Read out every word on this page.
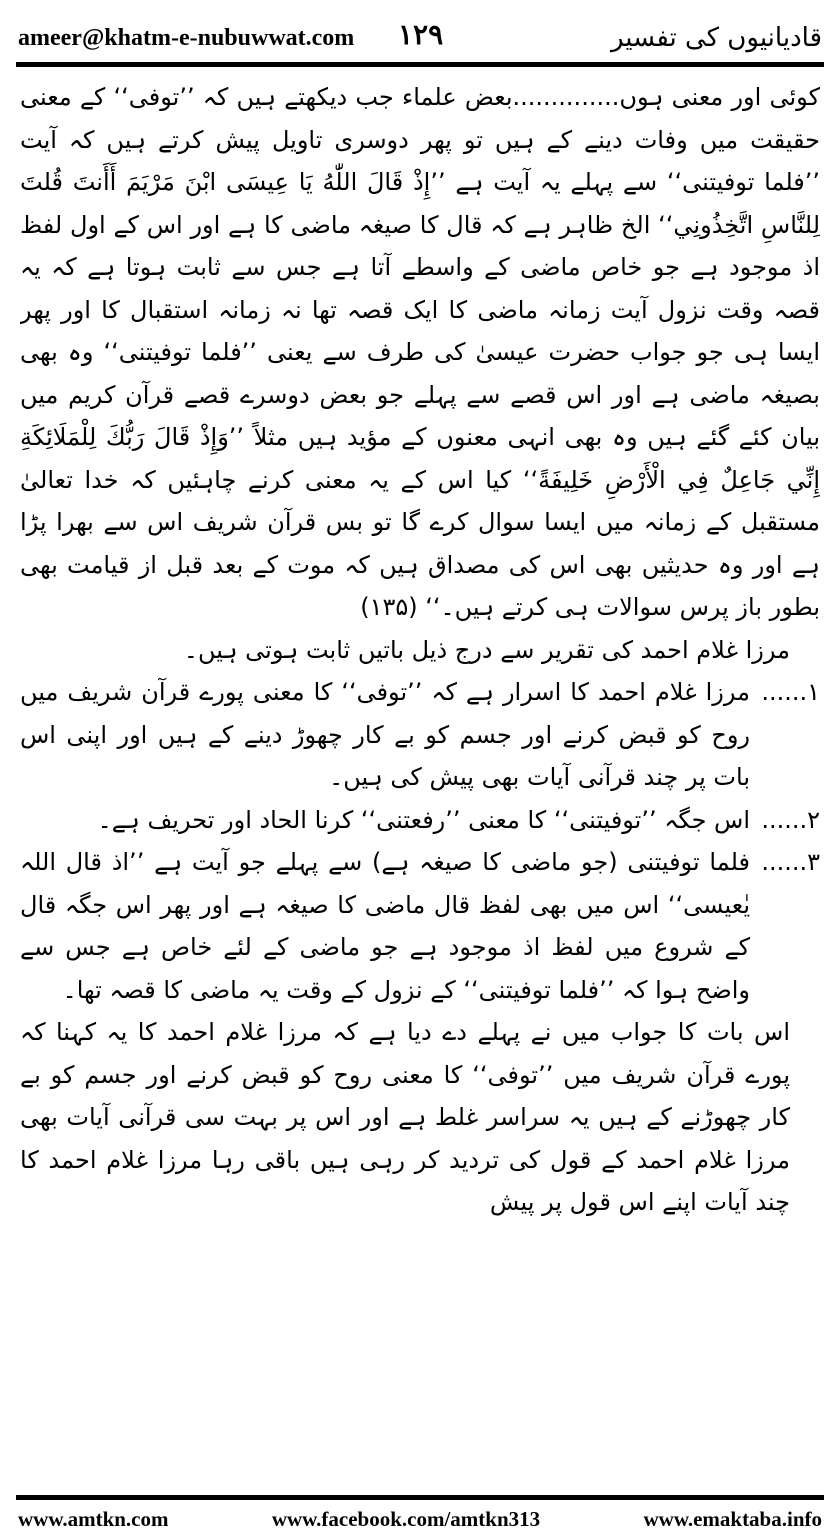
ameer@khatm-e-nubuwwat.com ۱۲۹	قادیانیوں کی تفسیر

کوئی اور معنی ہوں..............بعض علماء جب دیکھتے ہیں کہ ’’توفی‘‘ کے معنی حقیقت میں وفات دینے کے ہیں تو پھر دوسری تاویل پیش کرتے ہیں کہ آیت ’’فلما توفیتنی‘‘ سے پہلے یہ آیت ہے ’’إِذْ قَالَ اللّٰهُ يَا عِيسَى ابْنَ مَرْيَمَ أَأَنتَ قُلتَ لِلنَّاسِ اتَّخِذُونِي‘‘ الخ ظاہر ہے کہ قال کا صیغہ ماضی کا ہے اور اس کے اول لفظ اذ موجود ہے جو خاص ماضی کے واسطے آتا ہے جس سے ثابت ہوتا ہے کہ یہ قصہ وقت نزول آیت زمانہ ماضی کا ایک قصہ تھا نہ زمانہ استقبال کا اور پھر ایسا ہی جو جواب حضرت عیسیٰ کی طرف سے یعنی ’’فلما توفیتنی‘‘ وہ بھی بصیغہ ماضی ہے اور اس قصے سے پہلے جو بعض دوسرے قصے قرآن کریم میں بیان کئے گئے ہیں وہ بھی انہی معنوں کے مؤید ہیں مثلاً ’’وَإِذْ قَالَ رَبُّكَ لِلْمَلَائِكَةِ إِنِّي جَاعِلٌ فِي الْأَرْضِ خَلِيفَةً‘‘ کیا اس کے یہ معنی کرنے چاہئیں کہ خدا تعالیٰ مستقبل کے زمانہ میں ایسا سوال کرے گا تو بس قرآن شریف اس سے بھرا پڑا ہے اور وہ حدیثیں بھی اس کی مصداق ہیں کہ موت کے بعد قبل از قیامت بھی بطور باز پرس سوالات ہی کرتے ہیں۔‘‘ (۱۳۵)

مرزا غلام احمد کی تقریر سے درج ذیل باتیں ثابت ہوتی ہیں۔

۱......
مرزا غلام احمد کا اسرار ہے کہ ’’توفی‘‘ کا معنی پورے قرآن شریف میں روح کو قبض کرنے اور جسم کو بے کار چھوڑ دینے کے ہیں اور اپنی اس بات پر چند قرآنی آیات بھی پیش کی ہیں۔
۲......
اس جگہ ’’توفیتنی‘‘ کا معنی ’’رفعتنی‘‘ کرنا الحاد اور تحریف ہے۔
۳......
فلما توفیتنی (جو ماضی کا صیغہ ہے) سے پہلے جو آیت ہے ’’اذ قال اللہ یٰعیسی‘‘ اس میں بھی لفظ قال ماضی کا صیغہ ہے اور پھر اس جگہ قال کے شروع میں لفظ اذ موجود ہے جو ماضی کے لئے خاص ہے جس سے واضح ہوا کہ ’’فلما توفیتنی‘‘ کے نزول کے وقت یہ ماضی کا قصہ تھا۔

اس بات کا جواب میں نے پہلے دے دیا ہے کہ مرزا غلام احمد کا یہ کہنا کہ پورے قرآن شریف میں ’’توفی‘‘ کا معنی روح کو قبض کرنے اور جسم کو بے کار چھوڑنے کے ہیں یہ سراسر غلط ہے اور اس پر بہت سی قرآنی آیات بھی مرزا غلام احمد کے قول کی تردید کر رہی ہیں باقی رہا مرزا غلام احمد کا چند آیات اپنے اس قول پر پیش

www.amtkn.com	www.facebook.com/amtkn313	www.emaktaba.info
